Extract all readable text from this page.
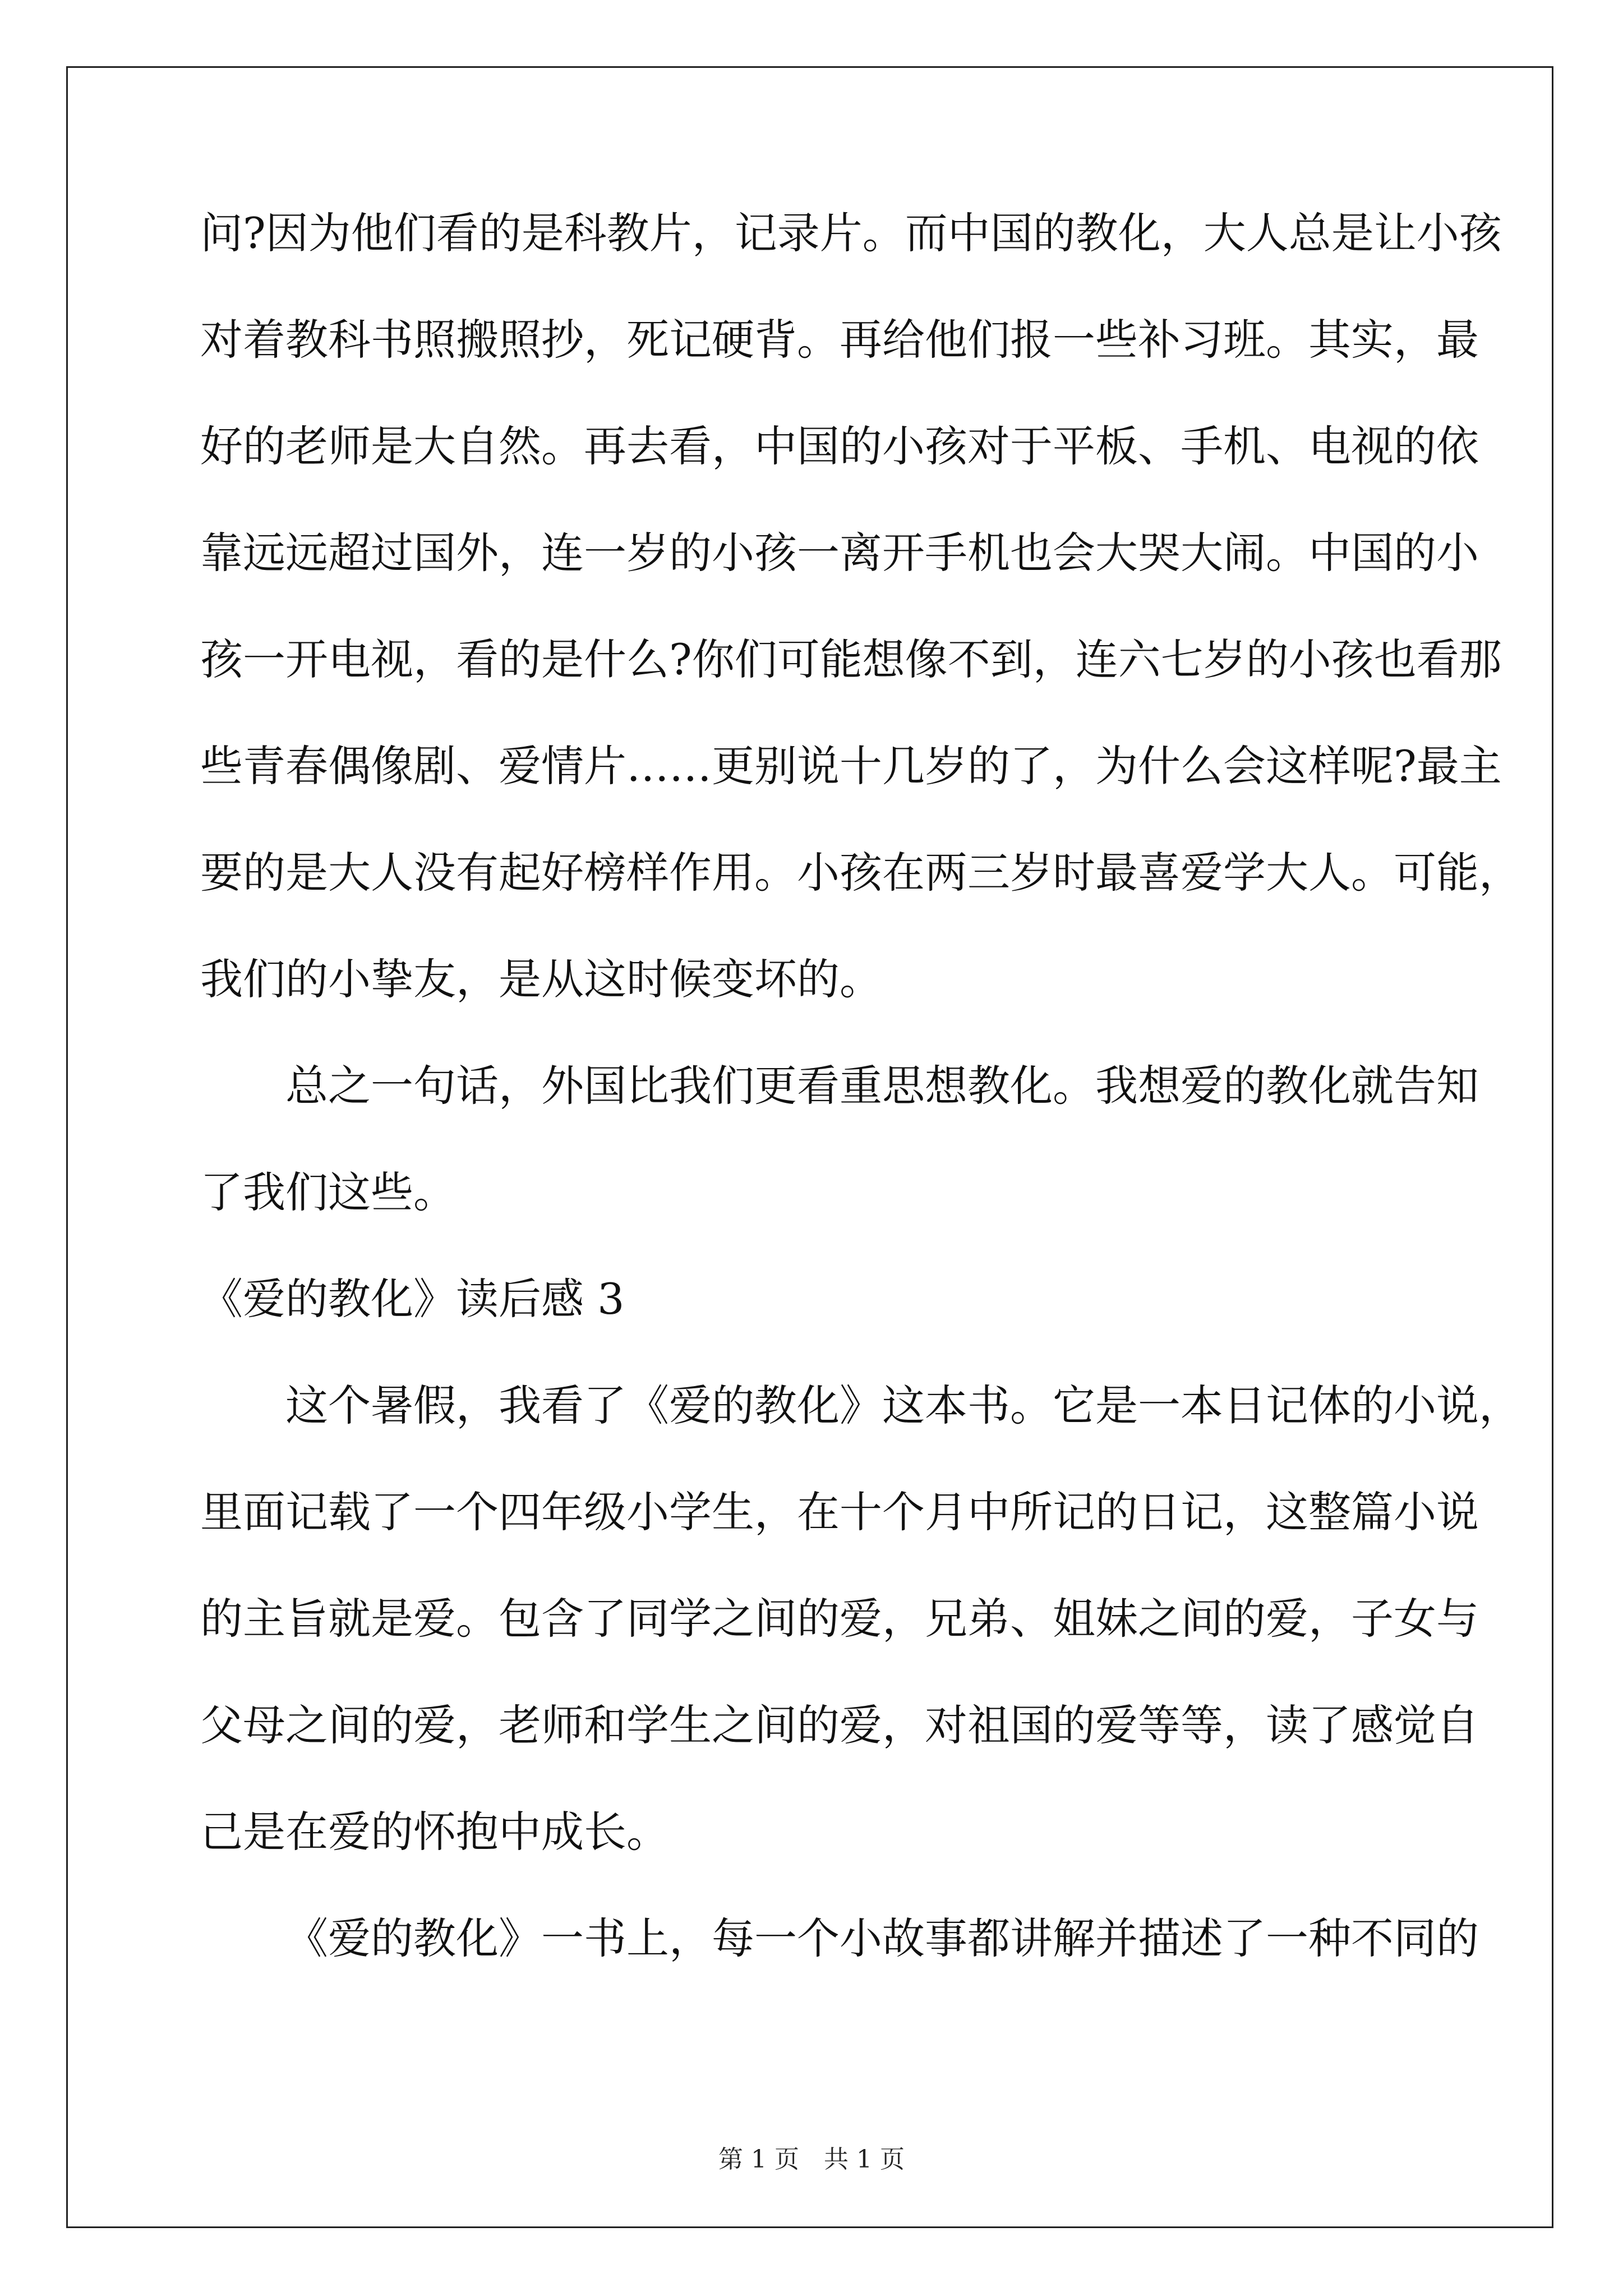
问?因为他们看的是科教片，记录片。而中国的教化，大人总是让小孩
对着教科书照搬照抄，死记硬背。再给他们报一些补习班。其实，最
好的老师是大自然。再去看，中国的小孩对于平板、手机、电视的依
靠远远超过国外，连一岁的小孩一离开手机也会大哭大闹。中国的小
孩一开电视，看的是什么?你们可能想像不到，连六七岁的小孩也看那
些青春偶像剧、爱情片……更别说十几岁的了，为什么会这样呢?最主
要的是大人没有起好榜样作用。小孩在两三岁时最喜爱学大人。可能，
我们的小挚友，是从这时候变坏的。
总之一句话，外国比我们更看重思想教化。我想爱的教化就告知
了我们这些。
《爱的教化》读后感 3
这个暑假，我看了《爱的教化》这本书。它是一本日记体的小说，
里面记载了一个四年级小学生，在十个月中所记的日记，这整篇小说
的主旨就是爱。包含了同学之间的爱，兄弟、姐妹之间的爱，子女与
父母之间的爱，老师和学生之间的爱，对祖国的爱等等，读了感觉自
己是在爱的怀抱中成长。
《爱的教化》一书上，每一个小故事都讲解并描述了一种不同的
第 1 页 共 1 页
